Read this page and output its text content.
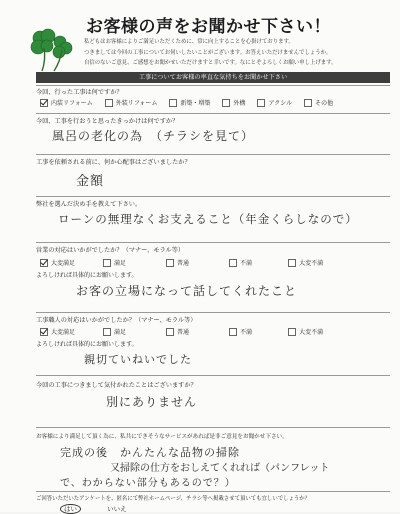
お客様の声をお聞かせ下さい！
私どもはお客様によりご満足いただくために、常に向上することを心掛けております。
つきましては今回の工事についてお伺いしたいことがございます。お答えいただけませんでしょうか。
自信のないご意見、ご感想をお聞かせいただけますと幸いです。なにとぞよろしくお願い申し上げます。
工事についてお客様の率直な気持ちをお聞かせ下さい
今回、行った工事は何ですか？
内装リフォーム	外装リフォーム	新築・増築	外構	アクシル	その他
今回、工事を行おうと思ったきっかけは何ですか？
風呂の老化の為　（チラシを見て）
工事を依頼される前に、何か心配事はございましたか？
金額
弊社を選んだ決め手を教えて下さい。
ローンの無理なくお支えること（年金くらしなので）
営業の対応はいかがでしたか？（マナー、モラル等）
大変満足	満足	普通	不満	大変不満
よろしければ具体的にお願いします。
お客の立場になって話してくれたこと
工事職人の対応はいかがでしたか？（マナー、モラル等）
大変満足	満足	普通	不満	大変不満
よろしければ具体的にお願いします。
親切ていねいでした
今回の工事につきまして気付かれたことはございますか？
別にありません
お客様により満足して頂く為に、私共にできそうなサービスがあれば是非ご意見をお聞かせ下さい。
完成の後　かんたんな品物の掃除
又掃除の仕方をおしえてくれれば（パンフレット
で、わからない部分もあるので？）
ご回答いただいたアンケートを、匿名にて弊社ホームページ、チラシ等へ掲載させて頂いても宜しいでしょうか？
はい	いいえ
